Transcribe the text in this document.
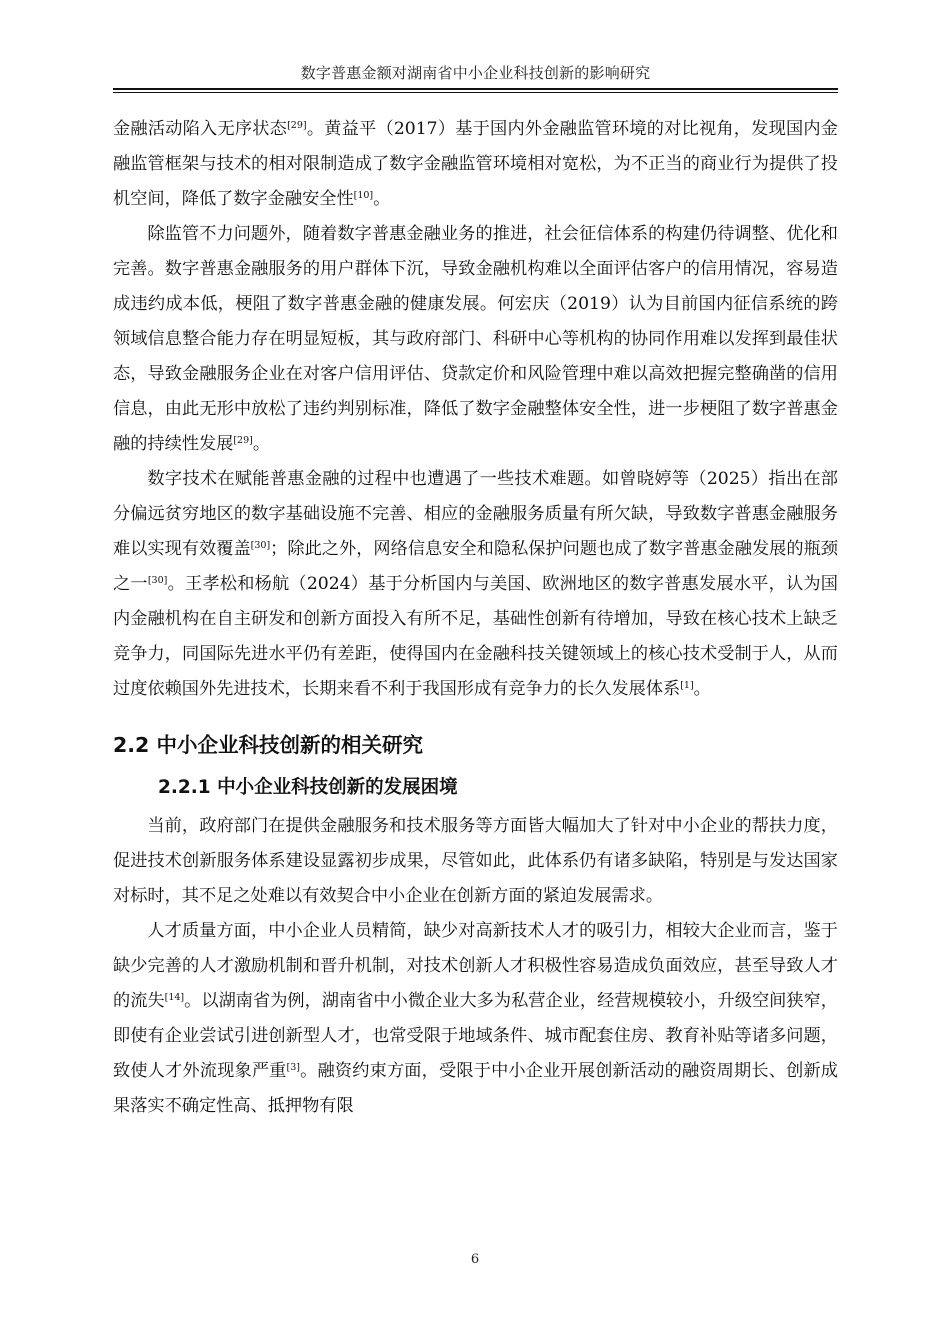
数字普惠金额对湖南省中小企业科技创新的影响研究

金融活动陷入无序状态[29]。黄益平（2017）基于国内外金融监管环境的对比视角，发现国内金融监管框架与技术的相对限制造成了数字金融监管环境相对宽松，为不正当的商业行为提供了投机空间，降低了数字金融安全性[10]。

除监管不力问题外，随着数字普惠金融业务的推进，社会征信体系的构建仍待调整、优化和完善。数字普惠金融服务的用户群体下沉，导致金融机构难以全面评估客户的信用情况，容易造成违约成本低，梗阻了数字普惠金融的健康发展。何宏庆（2019）认为目前国内征信系统的跨领域信息整合能力存在明显短板，其与政府部门、科研中心等机构的协同作用难以发挥到最佳状态，导致金融服务企业在对客户信用评估、贷款定价和风险管理中难以高效把握完整确凿的信用信息，由此无形中放松了违约判别标准，降低了数字金融整体安全性，进一步梗阻了数字普惠金融的持续性发展[29]。

数字技术在赋能普惠金融的过程中也遭遇了一些技术难题。如曾晓婷等（2025）指出在部分偏远贫穷地区的数字基础设施不完善、相应的金融服务质量有所欠缺，导致数字普惠金融服务难以实现有效覆盖[30]；除此之外，网络信息安全和隐私保护问题也成了数字普惠金融发展的瓶颈之一[30]。王孝松和杨航（2024）基于分析国内与美国、欧洲地区的数字普惠发展水平，认为国内金融机构在自主研发和创新方面投入有所不足，基础性创新有待增加，导致在核心技术上缺乏竞争力，同国际先进水平仍有差距，使得国内在金融科技关键领域上的核心技术受制于人，从而过度依赖国外先进技术，长期来看不利于我国形成有竞争力的长久发展体系[1]。

2.2 中小企业科技创新的相关研究
2.2.1 中小企业科技创新的发展困境

当前，政府部门在提供金融服务和技术服务等方面皆大幅加大了针对中小企业的帮扶力度，促进技术创新服务体系建设显露初步成果，尽管如此，此体系仍有诸多缺陷，特别是与发达国家对标时，其不足之处难以有效契合中小企业在创新方面的紧迫发展需求。

人才质量方面，中小企业人员精简，缺少对高新技术人才的吸引力，相较大企业而言，鉴于缺少完善的人才激励机制和晋升机制，对技术创新人才积极性容易造成负面效应，甚至导致人才的流失[14]。以湖南省为例，湖南省中小微企业大多为私营企业，经营规模较小，升级空间狭窄，即使有企业尝试引进创新型人才，也常受限于地域条件、城市配套住房、教育补贴等诸多问题，致使人才外流现象严重[3]。融资约束方面，受限于中小企业开展创新活动的融资周期长、创新成果落实不确定性高、抵押物有限

6
